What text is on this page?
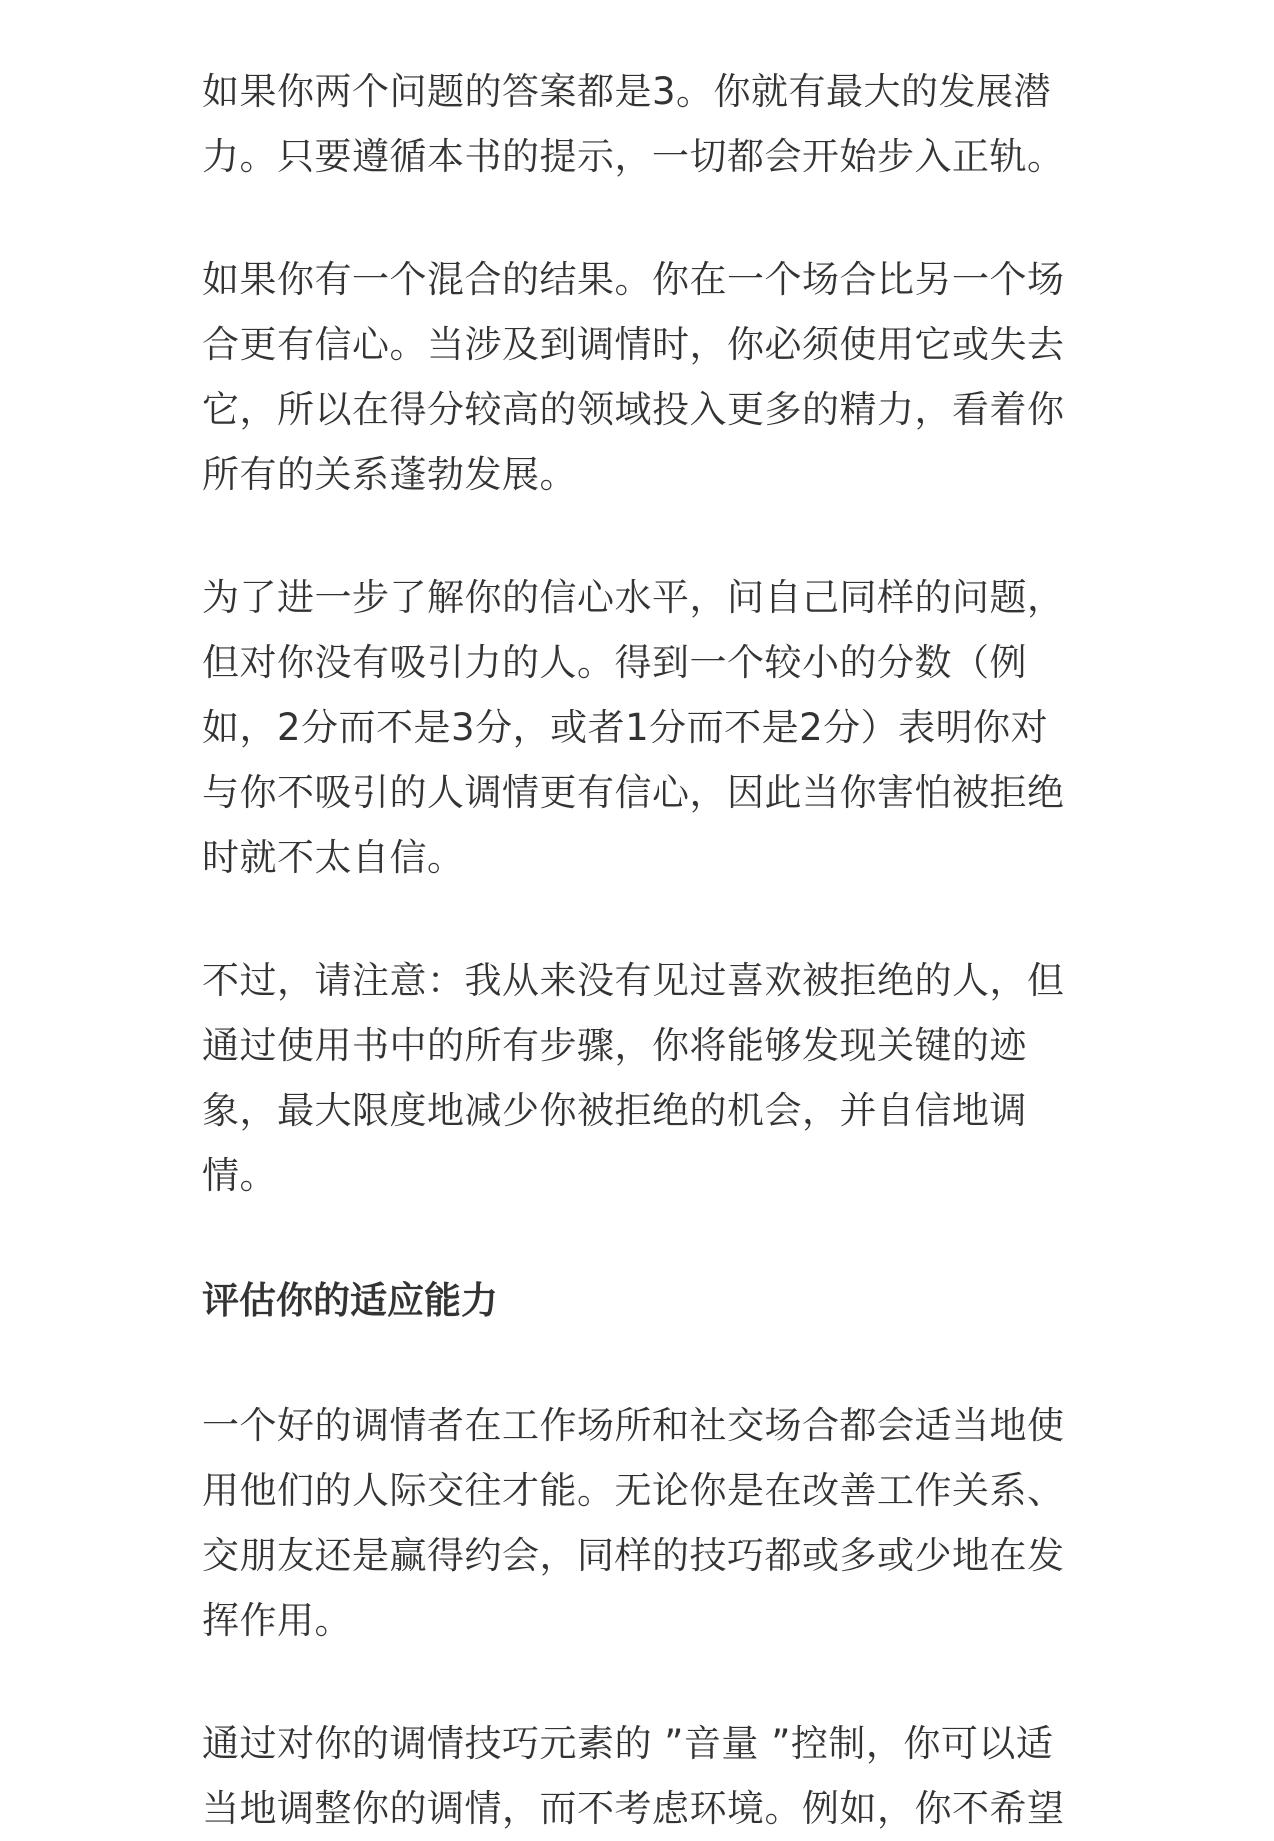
如果你两个问题的答案都是3。你就有最大的发展潜
力。只要遵循本书的提示，一切都会开始步入正轨。

如果你有一个混合的结果。你在一个场合比另一个场
合更有信心。当涉及到调情时，你必须使用它或失去
它，所以在得分较高的领域投入更多的精力，看着你
所有的关系蓬勃发展。

为了进一步了解你的信心水平，问自己同样的问题，
但对你没有吸引力的人。得到一个较小的分数（例
如，2分而不是3分，或者1分而不是2分）表明你对
与你不吸引的人调情更有信心，因此当你害怕被拒绝
时就不太自信。

不过，请注意：我从来没有见过喜欢被拒绝的人，但
通过使用书中的所有步骤，你将能够发现关键的迹
象，最大限度地减少你被拒绝的机会，并自信地调
情。

评估你的适应能力

一个好的调情者在工作场所和社交场合都会适当地使
用他们的人际交往才能。无论你是在改善工作关系、
交朋友还是赢得约会，同样的技巧都或多或少地在发
挥作用。

通过对你的调情技巧元素的 ”音量 ”控制，你可以适
当地调整你的调情，而不考虑环境。例如，你不希望
